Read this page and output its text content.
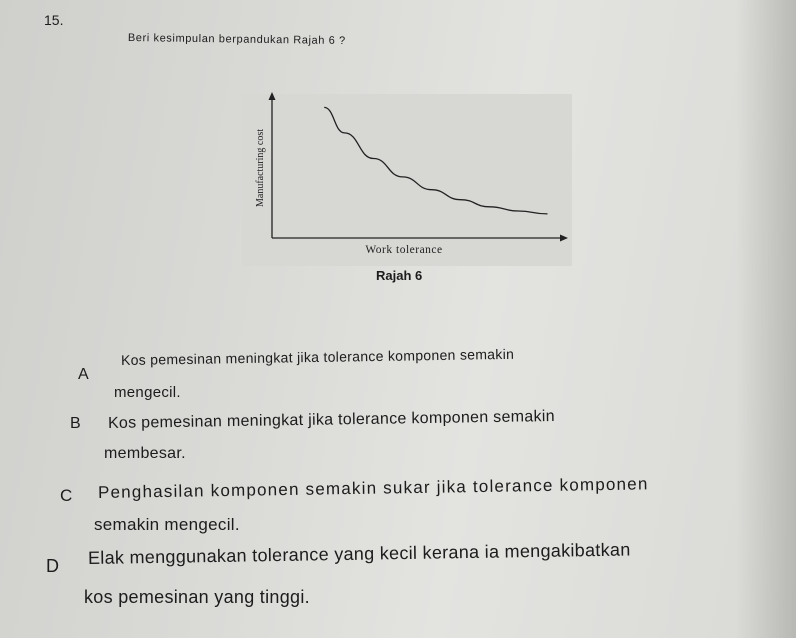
15.
Beri kesimpulan berpandukan Rajah 6 ?
Manufacturing cost
Work tolerance
Rajah 6
A
Kos pemesinan meningkat jika tolerance komponen semakin
mengecil.
B Kos pemesinan meningkat jika tolerance komponen semakin
membesar.
C Penghasilan komponen semakin sukar jika tolerance komponen
semakin mengecil.
D Elak menggunakan tolerance yang kecil kerana ia mengakibatkan
kos pemesinan yang tinggi.
